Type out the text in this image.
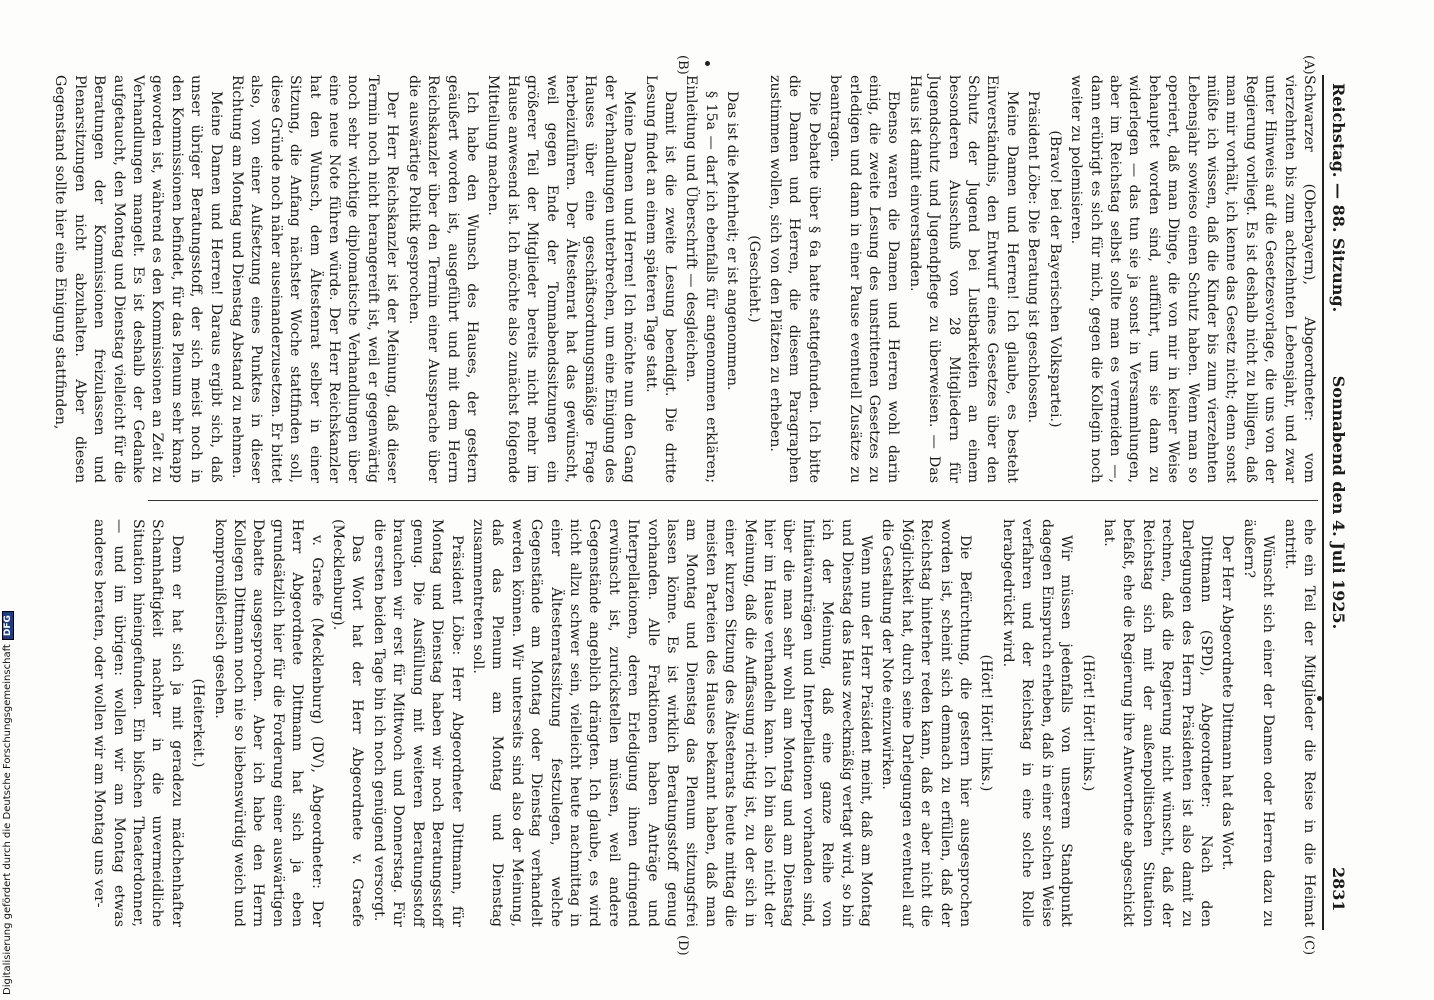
Reichstag. — 88. Sitzung.
Sonnabend den 4. Juli 1925.
2831

Schwarzer (Oberbayern), Abgeordneter: vom vierzehnten bis zum achtzehnten Lebensjahr, und zwar unter Hinweis auf die Gesetzesvorlage, die uns von der Regierung vorliegt. Es ist deshalb nicht zu billigen, daß man mir vorhält, ich kenne das Gesetz nicht; denn sonst müßte ich wissen, daß die Kinder bis zum vierzehnten Lebensjahr sowieso einen Schutz haben. Wenn man so operiert, daß man Dinge, die von mir in keiner Weise behauptet worden sind, aufführt, um sie dann zu widerlegen — das tun sie ja sonst in Versammlungen, aber im Reichstag selbst sollte man es vermeiden —, dann erübrigt es sich für mich, gegen die Kollegin noch weiter zu polemisieren.

(Bravo! bei der Bayerischen Volkspartei.)

Präsident Löbe: Die Beratung ist geschlossen.

Meine Damen und Herren! Ich glaube, es besteht Einverständnis, den Entwurf eines Gesetzes über den Schutz der Jugend bei Lustbarkeiten an einem besonderen Ausschuß von 28 Mitgliedern für Jugendschutz und Jugendpflege zu überweisen. — Das Haus ist damit einverstanden.

Ebenso waren die Damen und Herren wohl darin einig, die zweite Lesung des unstrittenen Gesetzes zu erledigen und dann in einer Pause eventuell Zusätze zu beantragen.

Die Debatte über § 6a hatte stattgefunden. Ich bitte die Damen und Herren, die diesem Paragraphen zustimmen wollen, sich von den Plätzen zu erheben.

(Geschieht.)

Das ist die Mehrheit; er ist angenommen.

§ 15a — darf ich ebenfalls für angenommen erklären; Einleitung und Überschrift — desgleichen.

Damit ist die zweite Lesung beendigt. Die dritte Lesung findet an einem späteren Tage statt.

Meine Damen und Herren! Ich möchte nun den Gang der Verhandlungen unterbrechen, um eine Einigung des Hauses über eine geschäftsordnungsmäßige Frage herbeizuführen. Der Ältestenrat hat das gewünscht, weil gegen Ende der Tomnabendssitzungen ein größerer Teil der Mitglieder bereits nicht mehr im Hause anwesend ist. Ich möchte also zunächst folgende Mitteilung machen.

Ich habe den Wunsch des Hauses, der gestern geäußert worden ist, ausgeführt und mit dem Herrn Reichskanzler über den Termin einer Aussprache über die auswärtige Politik gesprochen.

Der Herr Reichskanzler ist der Meinung, daß dieser Termin noch nicht herangereift ist, weil er gegenwärtig noch sehr wichtige diplomatische Verhandlungen über eine neue Note führen würde. Der Herr Reichskanzler hat den Wunsch, dem Ältestenrat selber in einer Sitzung, die Anfang nächster Woche stattfinden soll, diese Gründe noch näher auseinanderzusetzen. Er bittet also, von einer Aufsetzung eines Punktes in dieser Richtung am Montag und Dienstag Abstand zu nehmen.

Meine Damen und Herren! Daraus ergibt sich, daß unser übriger Beratungsstoff, der sich meist noch in den Kommissionen befindet, für das Plenum sehr knapp geworden ist, während es den Kommissionen an Zeit zu Verhandlungen mangelt. Es ist deshalb der Gedanke aufgetaucht, den Montag und Dienstag vielleicht für die Beratungen der Kommissionen freizulassen und Plenarsitzungen nicht abzuhalten. Aber diesen Gegenstand sollte hier eine Einigung stattfinden,

ehe ein Teil der Mitglieder die Reise in die Heimat antritt.

Wünscht sich einer der Damen oder Herren dazu zu äußern?

Der Herr Abgeordnete Dittmann hat das Wort.

Dittmann (SPD), Abgeordneter: Nach den Darlegungen des Herrn Präsidenten ist also damit zu rechnen, daß die Regierung nicht wünscht, daß der Reichstag sich mit der außenpolitischen Situation befaßt, ehe die Regierung ihre Antwortnote abgeschickt hat.

(Hört! Hört! links.)

Wir müssen jedenfalls von unserem Standpunkt dagegen Einspruch erheben, daß in einer solchen Weise verfahren und der Reichstag in eine solche Rolle herabgedrückt wird.

(Hört! Hört! links.)

Die Befürchtung, die gestern hier ausgesprochen worden ist, scheint sich demnach zu erfüllen, daß der Reichstag hinterher reden kann, daß er aber nicht die Möglichkeit hat, durch seine Darlegungen eventuell auf die Gestaltung der Note einzuwirken.

Wenn nun der Herr Präsident meint, daß am Montag und Dienstag das Haus zweckmäßig vertagt wird, so bin ich der Meinung, daß eine ganze Reihe von Initiativanträgen und Interpellationen vorhanden sind, über die man sehr wohl am Montag und am Dienstag hier im Hause verhandeln kann. Ich bin also nicht der Meinung, daß die Auffassung richtig ist, zu der sich in einer kurzen Sitzung des Ältestenrats heute mittag die meisten Parteien des Hauses bekannt haben, daß man am Montag und Dienstag das Plenum sitzungsfrei lassen könne. Es ist wirklich Beratungsstoff genug vorhanden. Alle Fraktionen haben Anträge und Interpellationen, deren Erledigung ihnen dringend erwünscht ist, zurückstellen müssen, weil andere Gegenstände angeblich drängten. Ich glaube, es wird nicht allzu schwer sein, vielleicht heute nachmittag in einer Ältestenratssitzung festzulegen, welche Gegenstände am Montag oder Dienstag verhandelt werden können. Wir unterseits sind also der Meinung, daß das Plenum am Montag und Dienstag zusammentreten soll.

Präsident Löbe: Herr Abgeordneter Dittmann, für Montag und Dienstag haben wir noch Beratungsstoff genug. Die Ausfüllung mit weiteren Beratungsstoff brauchen wir erst für Mittwoch und Donnerstag. Für die ersten beiden Tage bin ich noch genügend versorgt.

Das Wort hat der Herr Abgeordnete v. Graefe (Mecklenburg).

v. Graefe (Mecklenburg) (DV), Abgeordneter: Der Herr Abgeordnete Dittmann hat sich ja eben grundsätzlich hier für die Forderung einer auswärtigen Debatte ausgesprochen. Aber ich habe den Herrn Kollegen Dittmann noch nie so liebenswürdig weich und kompromißlerisch gesehen.

(Heiterkeit.)

Denn er hat sich ja mit geradezu mädchenhafter Schamhaftigkeit nachher in die unvermeidliche Situation hineingefunden. Ein bißchen Theaterdonner, — und im übrigen: wollen wir am Montag etwas anderes beraten, oder wollen wir am Montag uns ver-

(A)
(B)
(C)
(D)
Digitalisierung gefördert durch die Deutsche ForschungsgemeinschaftDFG
